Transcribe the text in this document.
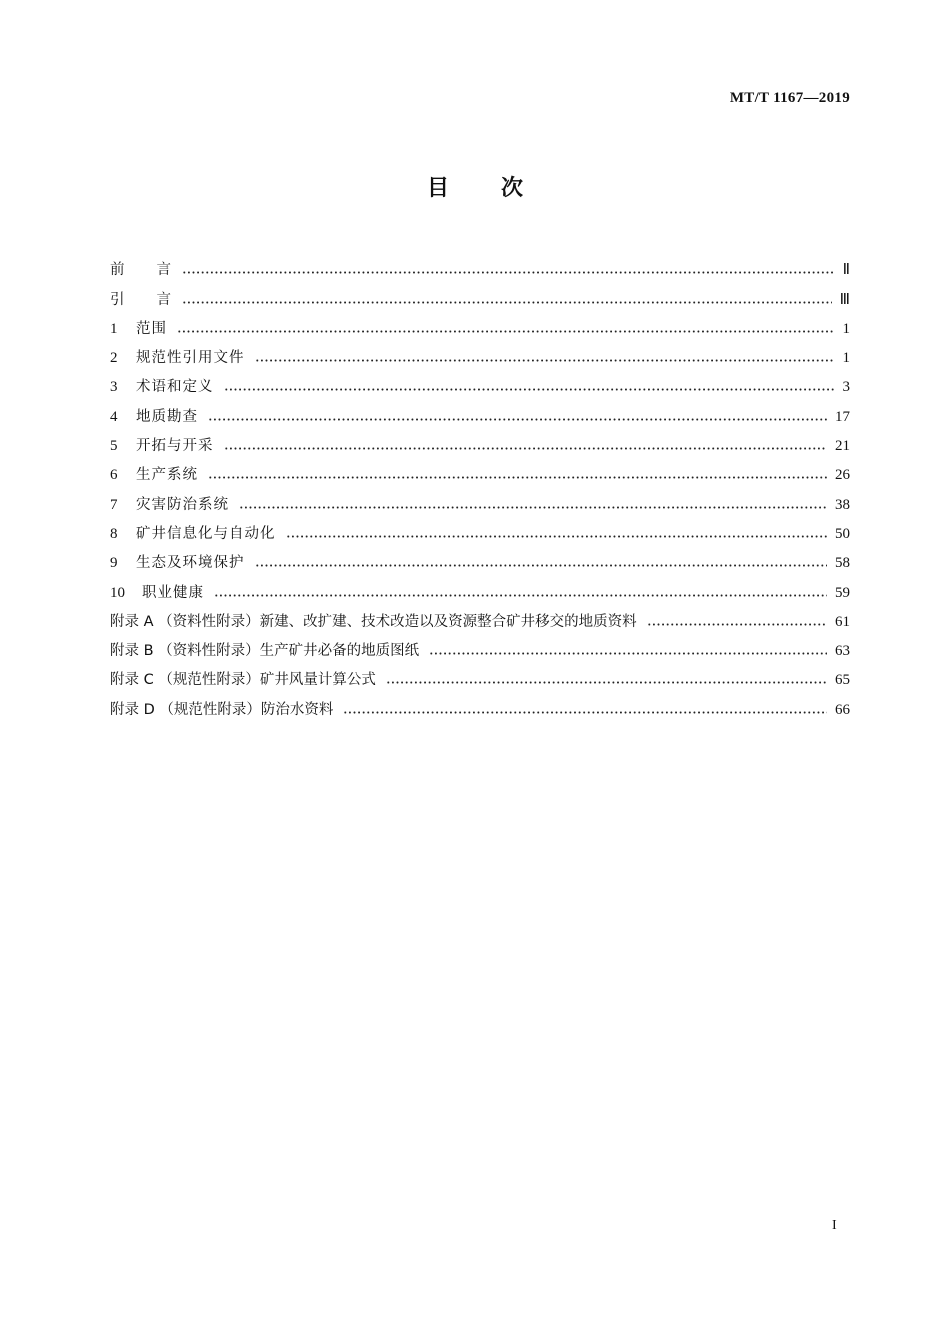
MT/T 1167—2019
目 次
前　　言	Ⅱ
引　　言	Ⅲ
1	范围	1
2	规范性引用文件	1
3	术语和定义	3
4	地质勘查	17
5	开拓与开采	21
6	生产系统	26
7	灾害防治系统	38
8	矿井信息化与自动化	50
9	生态及环境保护	58
10	职业健康	59
附录 A （资料性附录）新建、改扩建、技术改造以及资源整合矿井移交的地质资料	61
附录 B （资料性附录）生产矿井必备的地质图纸	63
附录 C （规范性附录）矿井风量计算公式	65
附录 D （规范性附录）防治水资料	66
I
